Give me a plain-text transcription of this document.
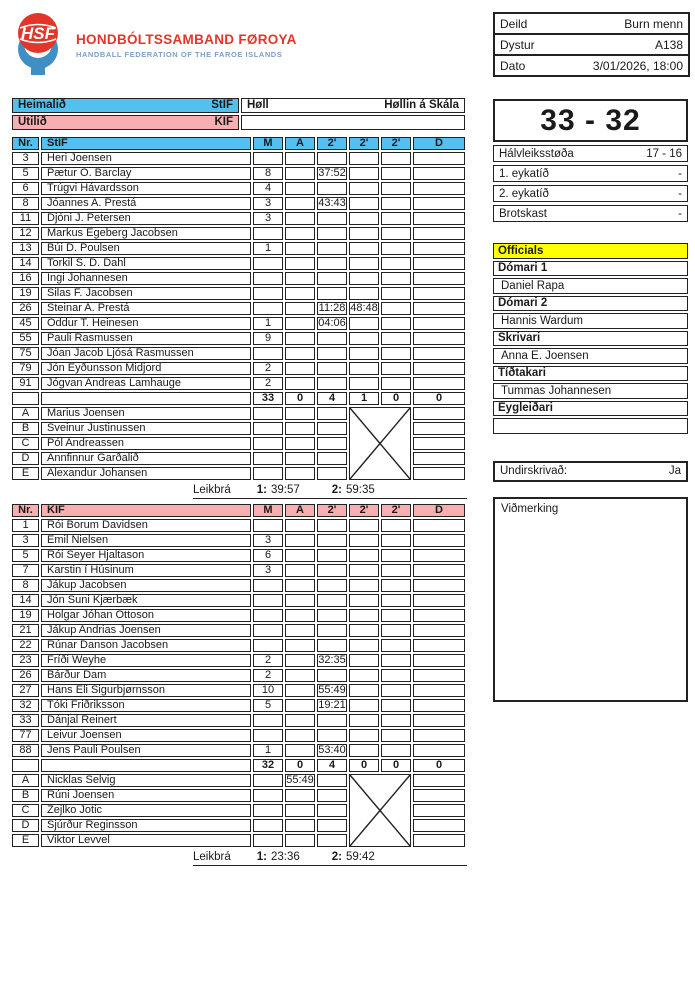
HSF HONDBÓLTSSAMBAND FØROYA
HANDBALL FEDERATION OF THE FAROE ISLANDS
Deild	Burn menn
Dystur	A138
Dato	3/01/2026, 18:00
Heimalið StÍF	Høll Høllin á Skála

Útilið KÍF	

Nr.	StÍF	M	Á	2'	2'	2'	D
3	Heri Joensen						
5	Pætur Ó. Barclay	8		37:52			
6	Trúgvi Hávardsson	4					
8	Jóannes A. Prestá	3		43:43			
11	Djóni J. Petersen	3					
12	Markus Egeberg Jacobsen						
13	Búi D. Poulsen	1					
14	Torkil S. D. Dahl						
16	Ingi Johannesen						
19	Silas F. Jacobsen						
26	Steinar A. Prestá			11:28	48:48		
45	Oddur T. Heinesen	1		04:06			
55	Pauli Rasmussen	9					
75	Jóan Jacob Ljósá Rasmussen						
79	Jón Eyðunsson Midjord	2					
91	Jógvan Andreas Lamhauge	2					
		33	0	4	1	0	0
A	Marius Joensen				

B	Sveinur Justinussen						
C	Pól Andreassen						
D	Annfinnur Garðalið						
E	Alexandur Johansen						
Leikbrá 1: 39:57	2: 59:35
Nr.	KÍF	M	Á	2'	2'	2'	D
1	Rói Borum Davidsen						
3	Emil Nielsen	3					
5	Rói Seyer Hjaltason	6					
7	Karstin í Húsinum	3					
8	Jákup Jacobsen						
14	Jón Suni Kjærbæk						
19	Holgar Jóhan Ottoson						
21	Jákup Andrias Joensen						
22	Rúnar Danson Jacobsen						
23	Fríði Weyhe	2		32:35			
26	Bárður Dam	2					
27	Hans Eli Sigurbjørnsson	10		55:49			
32	Tóki Friðriksson	5		19:21			
33	Dánjal Reinert						
77	Leivur Joensen						
88	Jens Pauli Poulsen	1		53:40			
		32	0	4	0	0	0
A	Nicklas Selvig		55:49		

B	Rúni Joensen						
C	Zejlko Jotic						
D	Sjúrður Reginsson						
E	Viktor Levvel						
Leikbrá 1: 23:36	2: 59:42
33 - 32
Hálvleiksstøða	17 - 16
1. eykatíð	-
2. eykatíð	-
Brotskast	-
Officials
Dómari 1
Daniel Rapa
Dómari 2
Hannis Wardum
Skrivari
Anna E. Joensen
Tíðtakari
Tummas Johannesen
Eygleiðari
Undirskrivað:	Ja
Viðmerking
